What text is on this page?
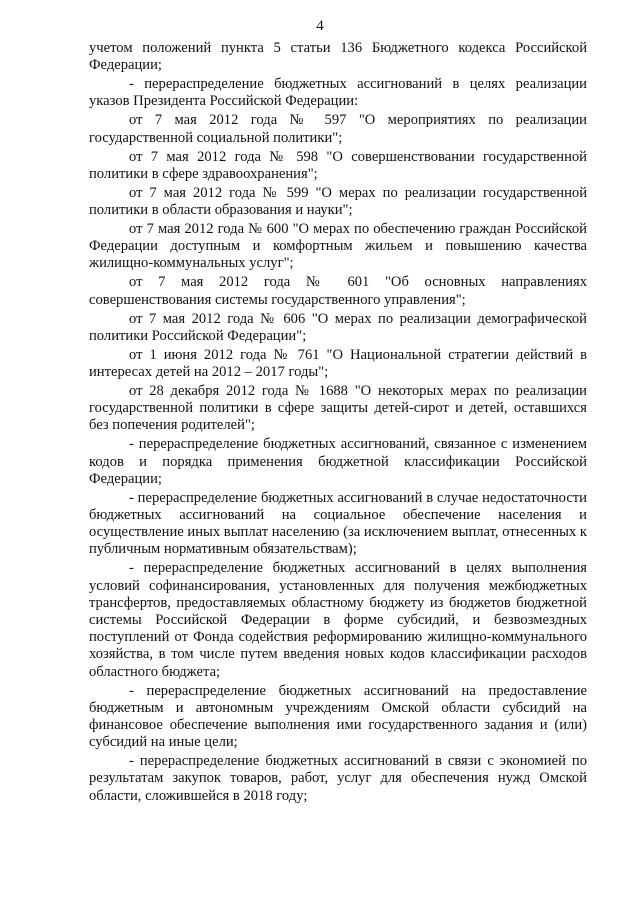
4

учетом положений пункта 5 статьи 136 Бюджетного кодекса Российской Федерации;

- перераспределение бюджетных ассигнований в целях реализации указов Президента Российской Федерации:

от 7 мая 2012 года № 597 "О мероприятиях по реализации государственной социальной политики";

от 7 мая 2012 года № 598 "О совершенствовании государственной политики в сфере здравоохранения";

от 7 мая 2012 года № 599 "О мерах по реализации государственной политики в области образования и науки";

от 7 мая 2012 года № 600 "О мерах по обеспечению граждан Российской Федерации доступным и комфортным жильем и повышению качества жилищно-коммунальных услуг";

от 7 мая 2012 года № 601 "Об основных направлениях совершенствования системы государственного управления";

от 7 мая 2012 года № 606 "О мерах по реализации демографической политики Российской Федерации";

от 1 июня 2012 года № 761 "О Национальной стратегии действий в интересах детей на 2012 – 2017 годы";

от 28 декабря 2012 года № 1688 "О некоторых мерах по реализации государственной политики в сфере защиты детей-сирот и детей, оставшихся без попечения родителей";

- перераспределение бюджетных ассигнований, связанное с изменением кодов и порядка применения бюджетной классификации Российской Федерации;

- перераспределение бюджетных ассигнований в случае недостаточности бюджетных ассигнований на социальное обеспечение населения и осуществление иных выплат населению (за исключением выплат, отнесенных к публичным нормативным обязательствам);

- перераспределение бюджетных ассигнований в целях выполнения условий софинансирования, установленных для получения межбюджетных трансфертов, предоставляемых областному бюджету из бюджетов бюджетной системы Российской Федерации в форме субсидий, и безвозмездных поступлений от Фонда содействия реформированию жилищно-коммунального хозяйства, в том числе путем введения новых кодов классификации расходов областного бюджета;

- перераспределение бюджетных ассигнований на предоставление бюджетным и автономным учреждениям Омской области субсидий на финансовое обеспечение выполнения ими государственного задания и (или) субсидий на иные цели;

- перераспределение бюджетных ассигнований в связи с экономией по результатам закупок товаров, работ, услуг для обеспечения нужд Омской области, сложившейся в 2018 году;
